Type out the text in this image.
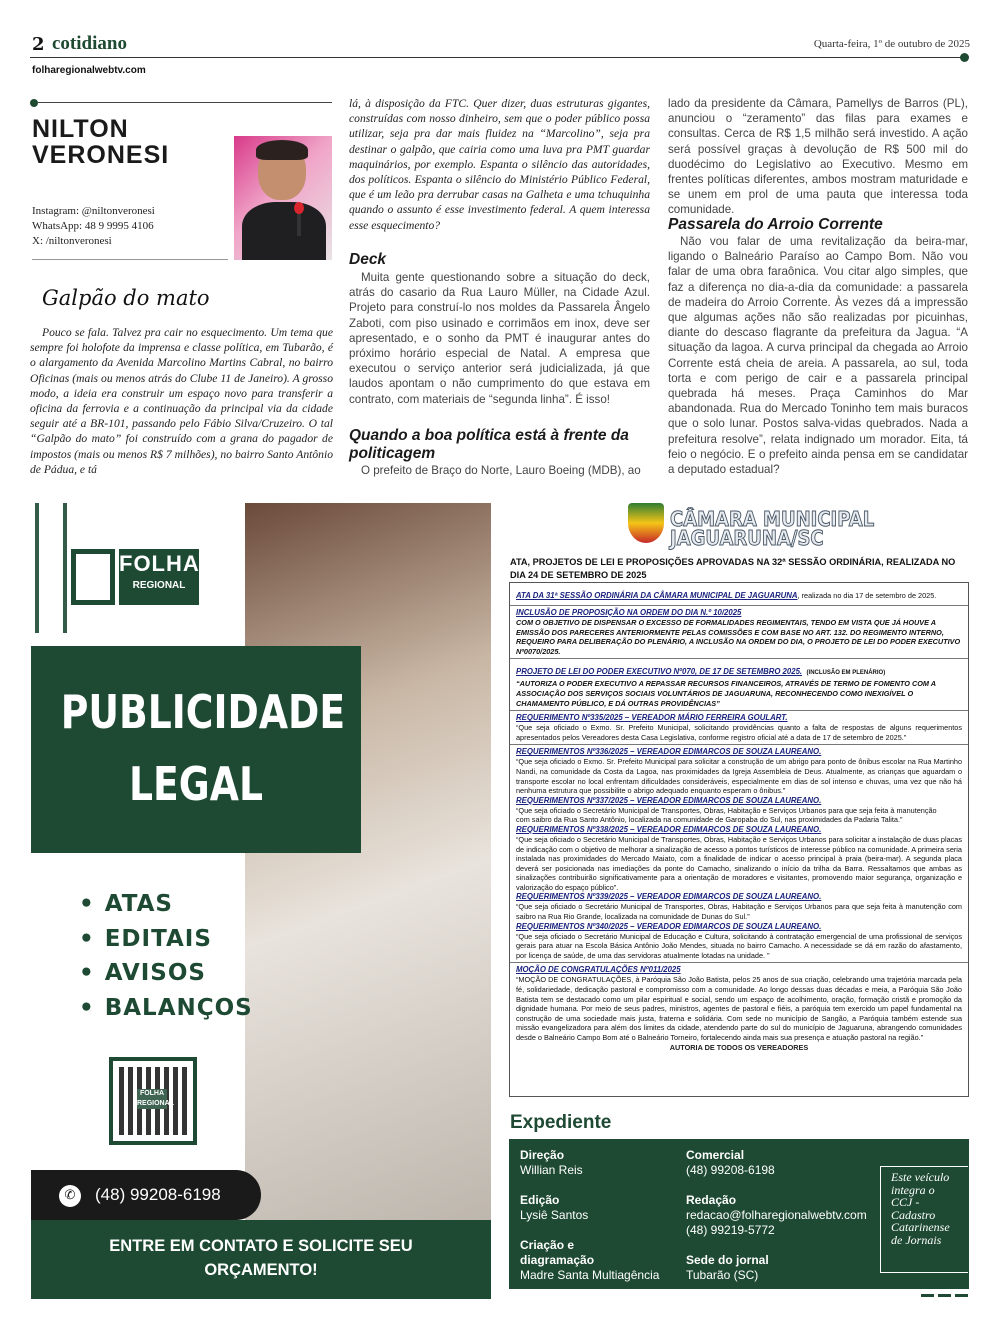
2 cotidiano	Quarta-feira, 1º de outubro de 2025
folharegionalwebtv.com
NILTON
VERONESI
Instagram: @niltonveronesi
WhatsApp: 48 9 9995 4106
X: /niltonveronesi
Galpão do mato
Pouco se fala. Talvez pra cair no esquecimento. Um tema que sempre foi holofote da imprensa e classe política, em Tubarão, é o alargamento da Avenida Marcolino Martins Cabral, no bairro Oficinas (mais ou menos atrás do Clube 11 de Janeiro). A grosso modo, a ideia era construir um espaço novo para transferir a oficina da ferrovia e a continuação da principal via da cidade seguir até a BR-101, passando pelo Fábio Silva/Cruzeiro. O tal “Galpão do mato” foi construído com a grana do pagador de impostos (mais ou menos R$ 7 milhões), no bairro Santo Antônio de Pádua, e tá
lá, à disposição da FTC. Quer dizer, duas estruturas gigantes, construídas com nosso dinheiro, sem que o poder público possa utilizar, seja pra dar mais fluidez na “Marcolino”, seja pra destinar o galpão, que cairia como uma luva pra PMT guardar maquinários, por exemplo. Espanta o silêncio das autoridades, dos políticos. Espanta o silêncio do Ministério Público Federal, que é um leão pra derrubar casas na Galheta e uma tchuquinha quando o assunto é esse investimento federal. A quem interessa esse esquecimento?
Deck
Muita gente questionando sobre a situação do deck, atrás do casario da Rua Lauro Müller, na Cidade Azul. Projeto para construí-lo nos moldes da Passarela Ângelo Zaboti, com piso usinado e corrimãos em inox, deve ser apresentado, e o sonho da PMT é inaugurar antes do próximo horário especial de Natal. A empresa que executou o serviço anterior será judicializada, já que laudos apontam o não cumprimento do que estava em contrato, com materiais de “segunda linha”. É isso!
Quando a boa política está à frente da politicagem
O prefeito de Braço do Norte, Lauro Boeing (MDB), ao
lado da presidente da Câmara, Pamellys de Barros (PL), anunciou o “zeramento” das filas para exames e consultas. Cerca de R$ 1,5 milhão será investido. A ação será possível graças à devolução de R$ 500 mil do duodécimo do Legislativo ao Executivo. Mesmo em frentes políticas diferentes, ambos mostram maturidade e se unem em prol de uma pauta que interessa toda comunidade.
Passarela do Arroio Corrente
Não vou falar de uma revitalização da beira-mar, ligando o Balneário Paraíso ao Campo Bom. Não vou falar de uma obra faraônica. Vou citar algo simples, que faz a diferença no dia-a-dia da comunidade: a passarela de madeira do Arroio Corrente. Às vezes dá a impressão que algumas ações não são realizadas por picuinhas, diante do descaso flagrante da prefeitura da Jagua. “A situação da lagoa. A curva principal da chegada ao Arroio Corrente está cheia de areia. A passarela, ao sul, toda torta e com perigo de cair e a passarela principal quebrada há meses. Praça Caminhos do Mar abandonada. Rua do Mercado Toninho tem mais buracos que o solo lunar. Postos salva-vidas quebrados. Nada a prefeitura resolve”, relata indignado um morador. Eita, tá feio o negócio. E o prefeito ainda pensa em se candidatar a deputado estadual?
FOLHA
REGIONAL
PUBLICIDADE
LEGAL
• ATAS
• EDITAIS
• AVISOS
• BALANÇOS
FOLHA REGIONAL
✆	(48) 99208-6198
ENTRE EM CONTATO E SOLICITE SEU ORÇAMENTO!
CÂMARA MUNICIPAL
JAGUARUNA/SC
ATA, PROJETOS DE LEI E PROPOSIÇÕES APROVADAS NA 32ª SESSÃO ORDINÁRIA, REALIZADA NO DIA 24 DE SETEMBRO DE 2025
ATA DA 31ª SESSÃO ORDINÁRIA DA CÂMARA MUNICIPAL DE JAGUARUNA, realizada no dia 17 de setembro de 2025.
INCLUSÃO DE PROPOSIÇÃO NA ORDEM DO DIA N.º 10/2025
COM O OBJETIVO DE DISPENSAR O EXCESSO DE FORMALIDADES REGIMENTAIS, TENDO EM VISTA QUE JÁ HOUVE A EMISSÃO DOS PARECERES ANTERIORMENTE PELAS COMISSÕES E COM BASE NO ART. 132. DO REGIMENTO INTERNO, REQUEIRO PARA DELIBERAÇÃO DO PLENÁRIO, A INCLUSÃO NA ORDEM DO DIA, O PROJETO DE LEI DO PODER EXECUTIVO Nº0070/2025.
PROJETO DE LEI DO PODER EXECUTIVO Nº070, DE 17 DE SETEMBRO 2025. (INCLUSÃO EM PLENÁRIO)
“AUTORIZA O PODER EXECUTIVO A REPASSAR RECURSOS FINANCEIROS, ATRAVÉS DE TERMO DE FOMENTO COM A ASSOCIAÇÃO DOS SERVIÇOS SOCIAIS VOLUNTÁRIOS DE JAGUARUNA, RECONHECENDO COMO INEXIGÍVEL O CHAMAMENTO PÚBLICO, E DÁ OUTRAS PROVIDÊNCIAS”
REQUERIMENTO Nº335/2025 – VEREADOR MÁRIO FERREIRA GOULART.
“Que seja oficiado o Exmo. Sr. Prefeito Municipal, solicitando providências quanto a falta de respostas de alguns requerimentos apresentados pelos Vereadores desta Casa Legislativa, conforme registro oficial até a data de 17 de setembro de 2025.”
REQUERIMENTOS Nº336/2025 – VEREADOR EDIMARCOS DE SOUZA LAUREANO.
“Que seja oficiado o Exmo. Sr. Prefeito Municipal para solicitar a construção de um abrigo para ponto de ônibus escolar na Rua Martinho Nandi, na comunidade da Costa da Lagoa, nas proximidades da Igreja Assembleia de Deus. Atualmente, as crianças que aguardam o transporte escolar no local enfrentam dificuldades consideráveis, especialmente em dias de sol intenso e chuvas, uma vez que não há nenhuma estrutura que possibilite o abrigo adequado enquanto esperam o ônibus.”
REQUERIMENTOS Nº337/2025 – VEREADOR EDIMARCOS DE SOUZA LAUREANO.
“Que seja oficiado o Secretário Municipal de Transportes, Obras, Habitação e Serviços Urbanos para que seja feita à manutenção
com saibro da Rua Santo Antônio, localizada na comunidade de Garopaba do Sul, nas proximidades da Padaria Talita.”
REQUERIMENTOS Nº338/2025 – VEREADOR EDIMARCOS DE SOUZA LAUREANO.
“Que seja oficiado o Secretário Municipal de Transportes, Obras, Habitação e Serviços Urbanos para solicitar a instalação de duas placas de indicação com o objetivo de melhorar a sinalização de acesso a pontos turísticos de interesse público na comunidade. A primeira seria instalada nas proximidades do Mercado Maiato, com a finalidade de indicar o acesso principal à praia (beira-mar). A segunda placa deverá ser posicionada nas imediações da ponte do Camacho, sinalizando o início da trilha da Barra. Ressaltamos que ambas as sinalizações contribuirão significativamente para a orientação de moradores e visitantes, promovendo maior segurança, organização e valorização do espaço público”.
REQUERIMENTOS Nº339/2025 – VEREADOR EDIMARCOS DE SOUZA LAUREANO.
“Que seja oficiado o Secretário Municipal de Transportes, Obras, Habitação e Serviços Urbanos para que seja feita à manutenção com saibro na Rua Rio Grande, localizada na comunidade de Dunas do Sul.”
REQUERIMENTOS Nº340/2025 – VEREADOR EDIMARCOS DE SOUZA LAUREANO.
“Que seja oficiado o Secretário Municipal de Educação e Cultura, solicitando à contratação emergencial de uma profissional de serviços gerais para atuar na Escola Básica Antônio João Mendes, situada no bairro Camacho. A necessidade se dá em razão do afastamento, por licença de saúde, de uma das servidoras atualmente lotadas na unidade. ”
MOÇÃO DE CONGRATULAÇÕES Nº011/2025
“MOÇÃO DE CONGRATULAÇÕES, à Paróquia São João Batista, pelos 25 anos de sua criação, celebrando uma trajetória marcada pela fé, solidariedade, dedicação pastoral e compromisso com a comunidade. Ao longo dessas duas décadas e meia, a Paróquia São João Batista tem se destacado como um pilar espiritual e social, sendo um espaço de acolhimento, oração, formação cristã e promoção da dignidade humana. Por meio de seus padres, ministros, agentes de pastoral e fiéis, a paróquia tem exercido um papel fundamental na construção de uma sociedade mais justa, fraterna e solidária. Com sede no município de Sangão, a Paróquia também estende sua missão evangelizadora para além dos limites da cidade, atendendo parte do sul do município de Jaguaruna, abrangendo comunidades desde o Balneário Campo Bom até o Balneário Torneiro, fortalecendo ainda mais sua presença e atuação pastoral na região.”
AUTORIA DE TODOS OS VEREADORES
Expediente
Direção
Willian Reis
Edição
Lysiê Santos
Criação e diagramação
Madre Santa Multiagência
Comercial
(48) 99208-6198
Redação
redacao@folharegionalwebtv.com
(48) 99219-5772
Sede do jornal
Tubarão (SC)
Este veículo integra o CCJ - Cadastro Catarinense de Jornais
